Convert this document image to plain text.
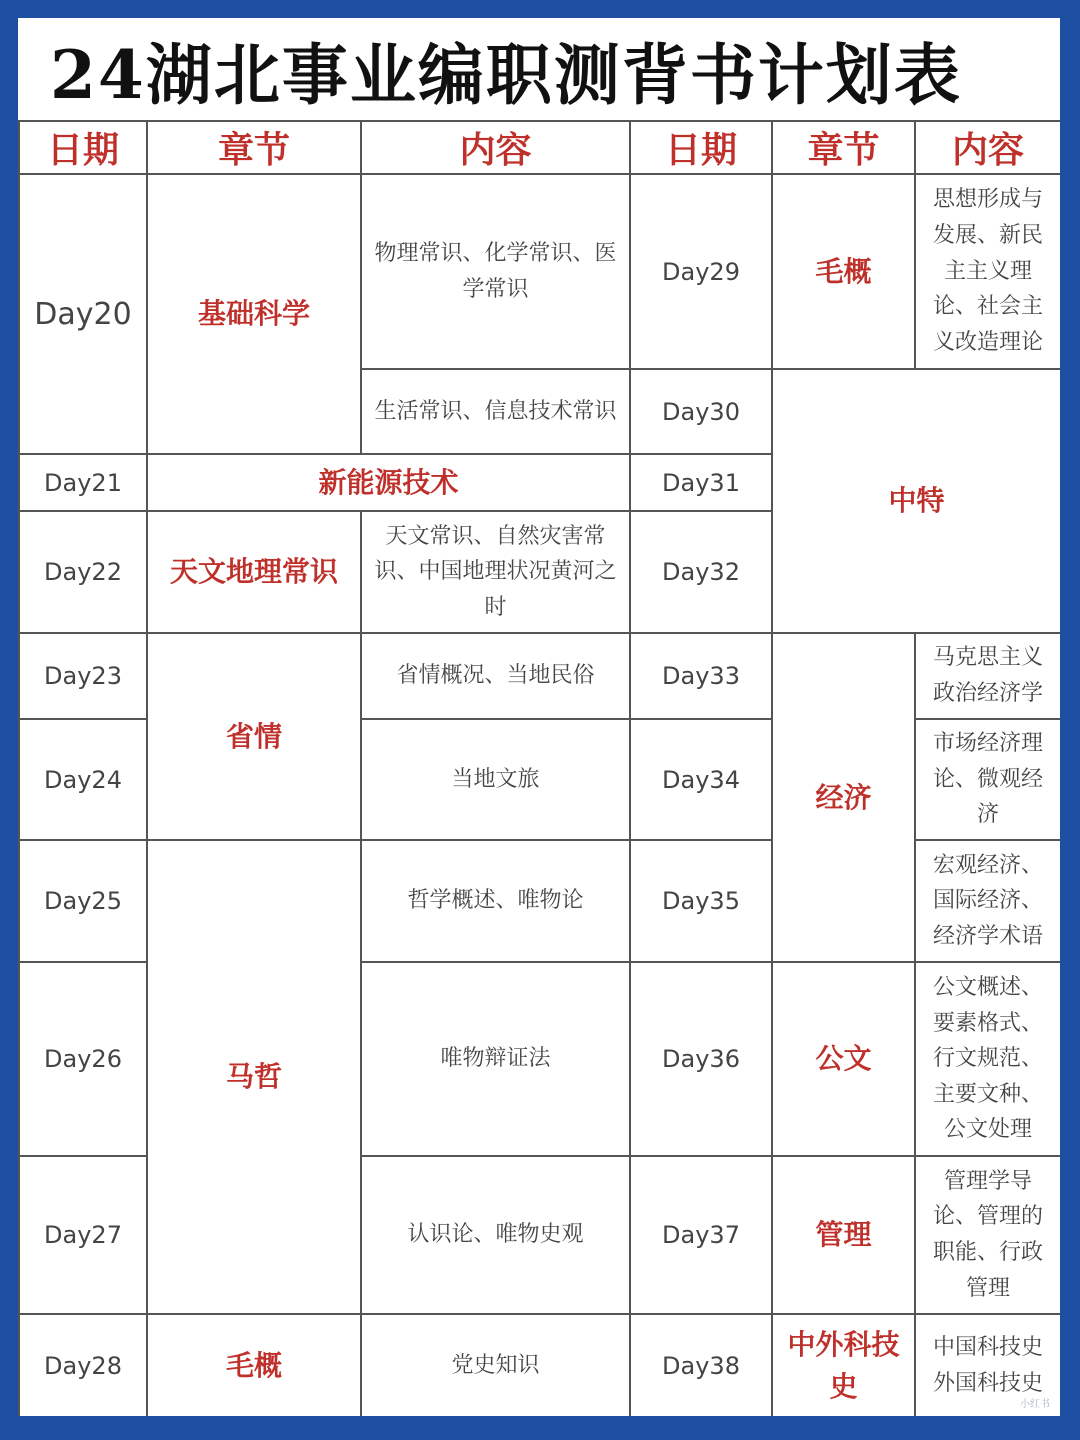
24湖北事业编职测背书计划表
日期	章节	内容	日期	章节	内容
Day20	基础科学	物理常识、化学常识、医学常识	Day29	毛概	思想形成与发展、新民主主义理论、社会主义改造理论
		生活常识、信息技术常识	Day30	中特	
Day21	新能源技术		Day31		
Day22	天文地理常识	天文常识、自然灾害常识、中国地理状况黄河之时	Day32		
Day23	省情	省情概况、当地民俗	Day33	经济	马克思主义政治经济学
Day24		当地文旅	Day34		市场经济理论、微观经济
Day25	马哲	哲学概述、唯物论	Day35		宏观经济、国际经济、经济学术语
Day26		唯物辩证法	Day36	公文	公文概述、要素格式、行文规范、主要文种、公文处理
Day27		认识论、唯物史观	Day37	管理	管理学导论、管理的职能、行政管理
Day28	毛概	党史知识	Day38	中外科技史	中国科技史外国科技史
小红书
